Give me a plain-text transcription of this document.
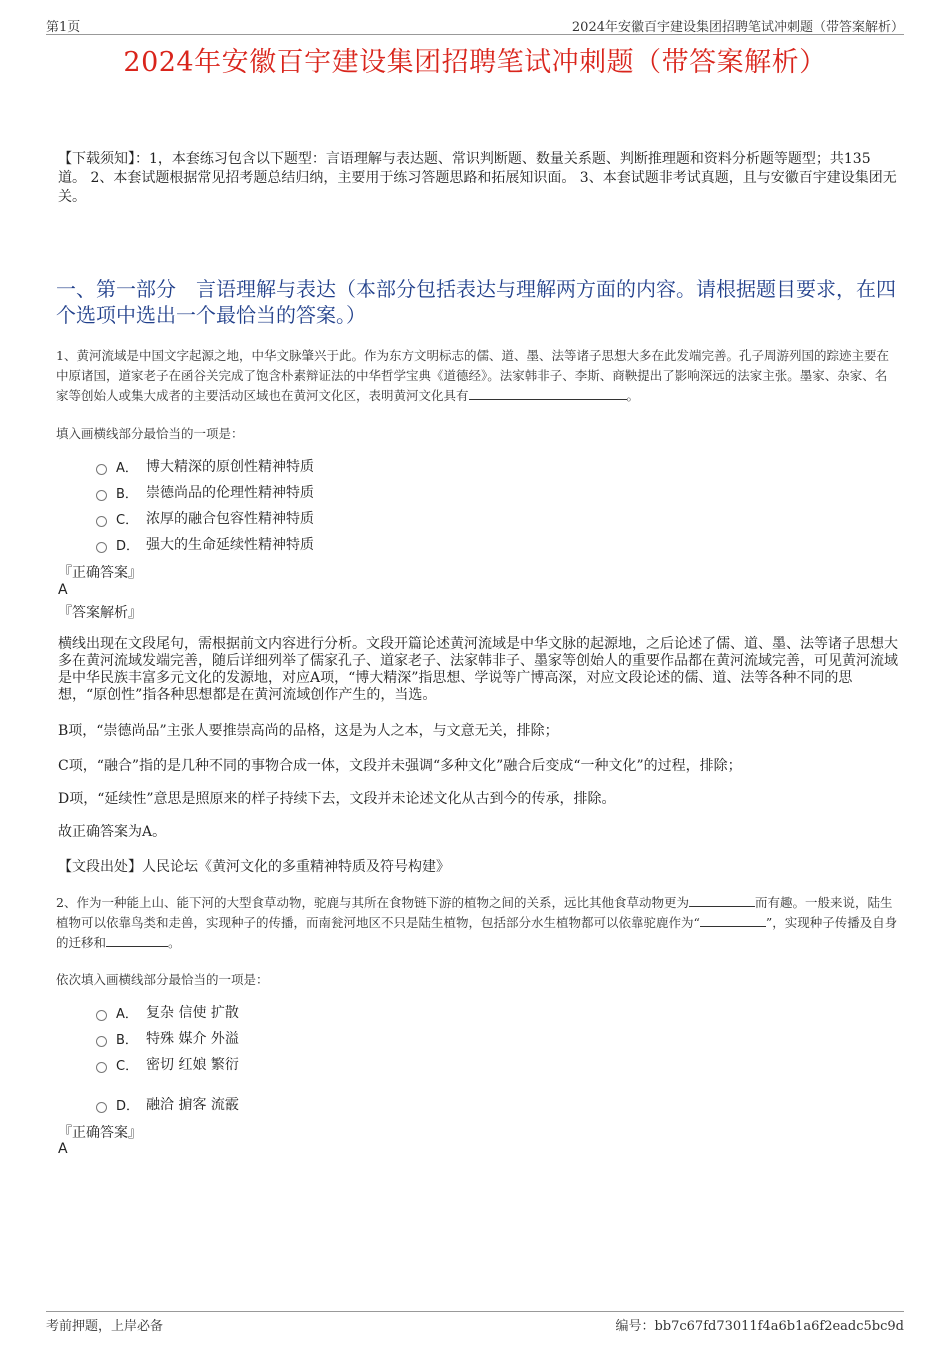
第1页	2024年安徽百宇建设集团招聘笔试冲刺题（带答案解析）
2024年安徽百宇建设集团招聘笔试冲刺题（带答案解析）
【下载须知】：1，本套练习包含以下题型：言语理解与表达题、常识判断题、数量关系题、判断推理题和资料分析题等题型；共135道。 2、本套试题根据常见招考题总结归纳，主要用于练习答题思路和拓展知识面。 3、本套试题非考试真题，且与安徽百宇建设集团无关。
一、第一部分　言语理解与表达（本部分包括表达与理解两方面的内容。请根据题目要求，在四个选项中选出一个最恰当的答案。）
1、黄河流域是中国文字起源之地，中华文脉肇兴于此。作为东方文明标志的儒、道、墨、法等诸子思想大多在此发端完善。孔子周游列国的踪迹主要在中原诸国，道家老子在函谷关完成了饱含朴素辩证法的中华哲学宝典《道德经》。法家韩非子、李斯、商鞅提出了影响深远的法家主张。墨家、杂家、名家等创始人或集大成者的主要活动区域也在黄河文化区，表明黄河文化具有	。
填入画横线部分最恰当的一项是：
A． 博大精深的原创性精神特质
B． 崇德尚品的伦理性精神特质
C． 浓厚的融合包容性精神特质
D． 强大的生命延续性精神特质
『正确答案』
A
『答案解析』
横线出现在文段尾句，需根据前文内容进行分析。文段开篇论述黄河流域是中华文脉的起源地，之后论述了儒、道、墨、法等诸子思想大多在黄河流域发端完善，随后详细列举了儒家孔子、道家老子、法家韩非子、墨家等创始人的重要作品都在黄河流域完善，可见黄河流域是中华民族丰富多元文化的发源地，对应A项，“博大精深”指思想、学说等广博高深，对应文段论述的儒、道、法等各种不同的思想，“原创性”指各种思想都是在黄河流域创作产生的，当选。
B项，“崇德尚品”主张人要推崇高尚的品格，这是为人之本，与文意无关，排除；
C项，“融合”指的是几种不同的事物合成一体，文段并未强调“多种文化”融合后变成“一种文化”的过程，排除；
D项，“延续性”意思是照原来的样子持续下去，文段并未论述文化从古到今的传承，排除。
故正确答案为A。
【文段出处】人民论坛《黄河文化的多重精神特质及符号构建》
2、作为一种能上山、能下河的大型食草动物，驼鹿与其所在食物链下游的植物之间的关系，远比其他食草动物更为	而有趣。一般来说，陆生植物可以依靠鸟类和走兽，实现种子的传播，而南瓮河地区不只是陆生植物，包括部分水生植物都可以依靠驼鹿作为“	”，实现种子传播及自身的迁移和	。
依次填入画横线部分最恰当的一项是：
A． 复杂 信使 扩散
B． 特殊 媒介 外溢
C． 密切 红娘 繁衍
D． 融洽 掮客 流霰
『正确答案』
A
考前押题，上岸必备	编号：bb7c67fd73011f4a6b1a6f2eadc5bc9d
